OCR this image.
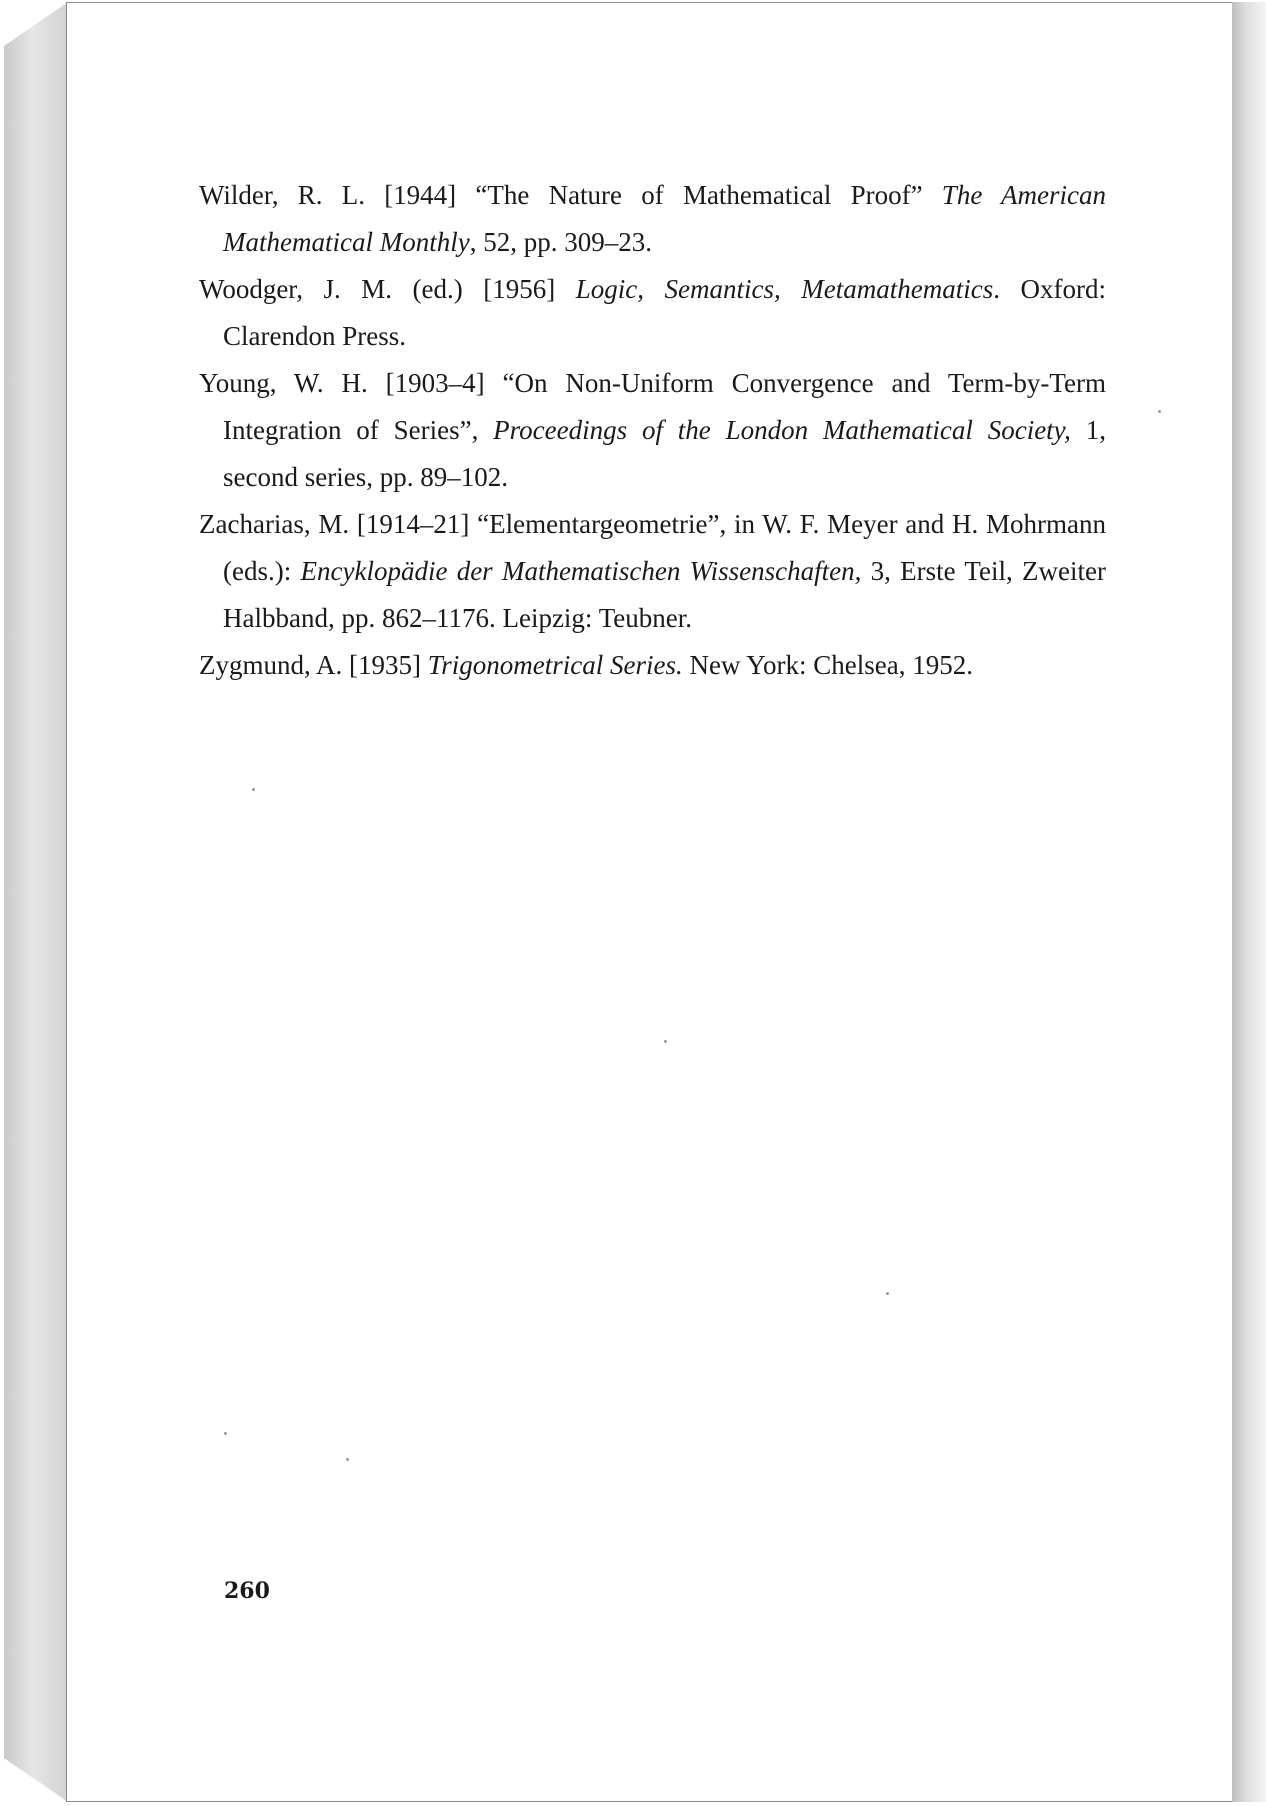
Wilder, R. L. [1944] “The Nature of Mathematical Proof” The American Mathematical Monthly, 52, pp. 309–23.
Woodger, J. M. (ed.) [1956] Logic, Semantics, Metamathematics. Oxford: Clarendon Press.
Young, W. H. [1903–4] “On Non-Uniform Convergence and Term-by-Term Integration of Series”, Proceedings of the London Mathematical Society, 1, second series, pp. 89–102.
Zacharias, M. [1914–21] “Elementargeometrie”, in W. F. Meyer and H. Mohrmann (eds.): Encyklopädie der Mathematischen Wissenschaften, 3, Erste Teil, Zweiter Halbband, pp. 862–1176. Leipzig: Teubner.
Zygmund, A. [1935] Trigonometrical Series. New York: Chelsea, 1952.
260
